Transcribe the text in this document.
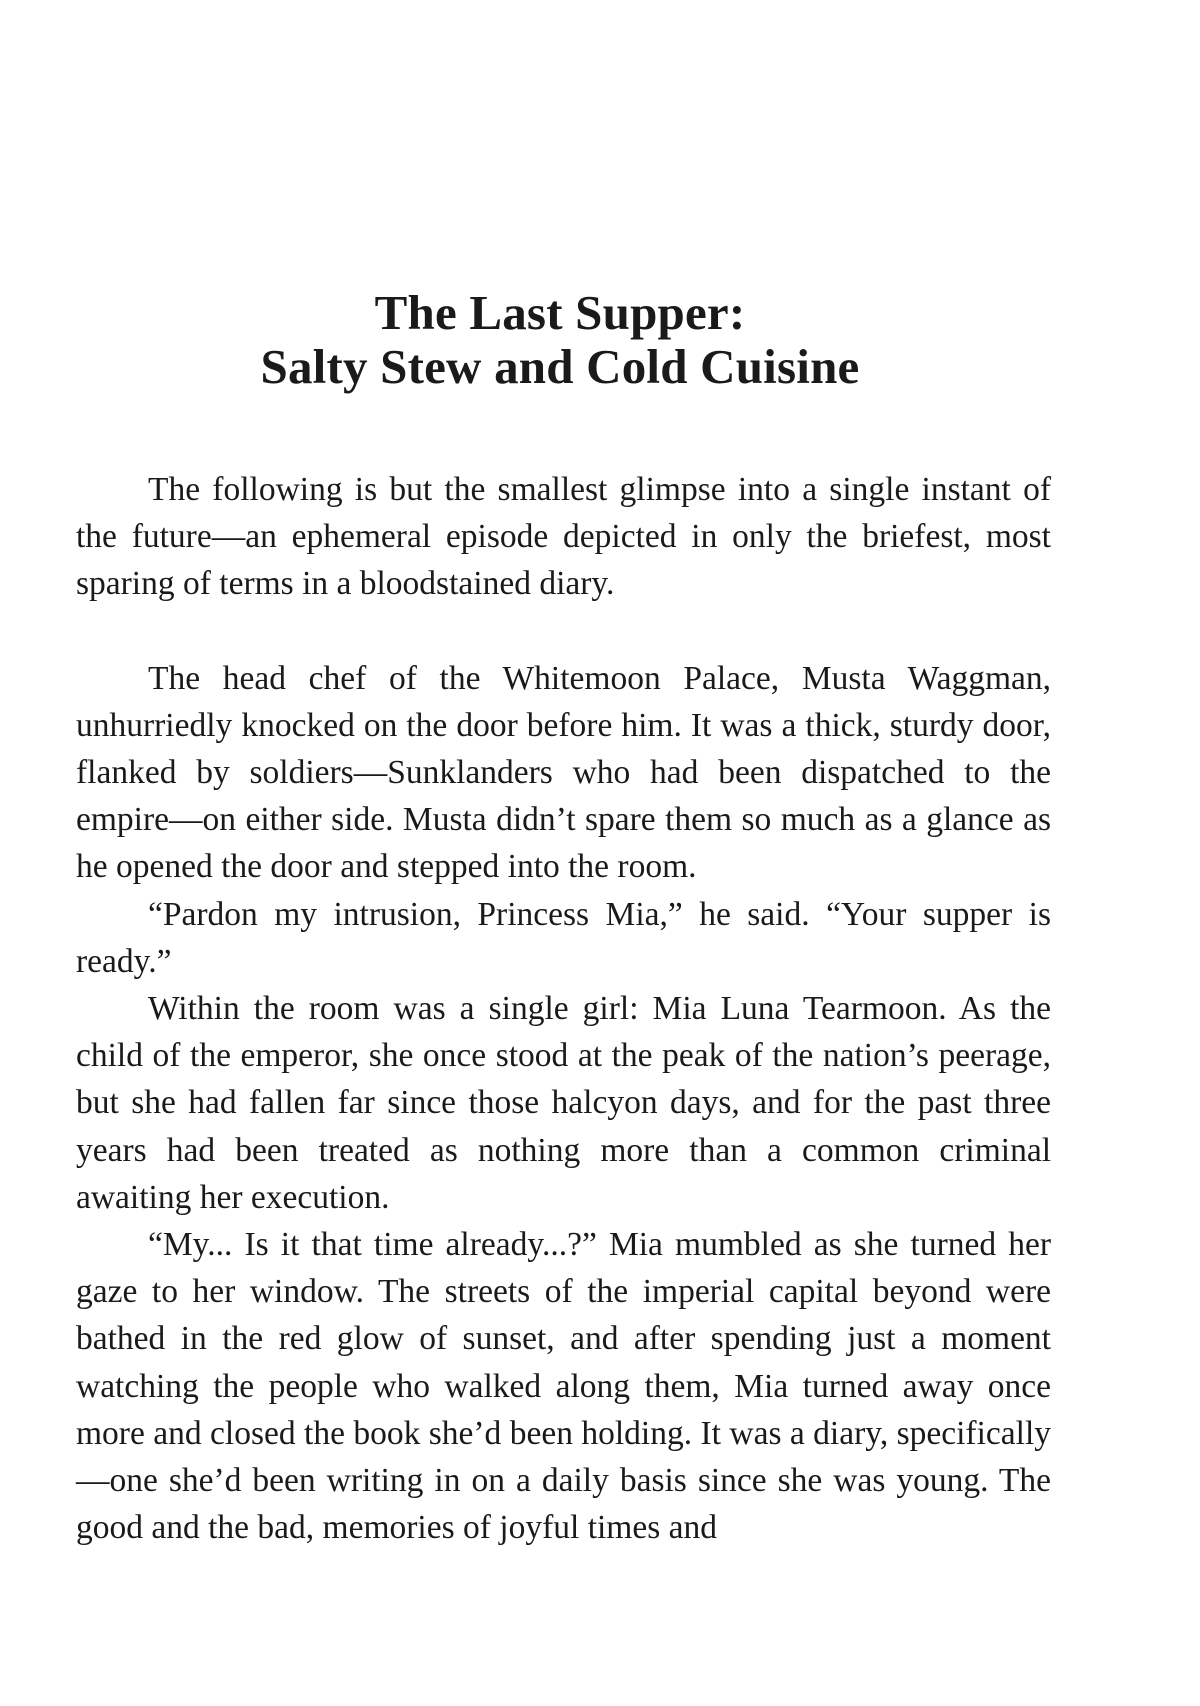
The Last Supper:
Salty Stew and Cold Cuisine

The following is but the smallest glimpse into a single instant of the future—an ephemeral episode depicted in only the briefest, most sparing of terms in a bloodstained diary.

The head chef of the Whitemoon Palace, Musta Waggman, unhurriedly knocked on the door before him. It was a thick, sturdy door, flanked by soldiers—Sunklanders who had been dispatched to the empire—on either side. Musta didn’t spare them so much as a glance as he opened the door and stepped into the room.

“Pardon my intrusion, Princess Mia,” he said. “Your supper is ready.”

Within the room was a single girl: Mia Luna Tearmoon. As the child of the emperor, she once stood at the peak of the nation’s peerage, but she had fallen far since those halcyon days, and for the past three years had been treated as nothing more than a common criminal awaiting her execution.

“My... Is it that time already...?” Mia mumbled as she turned her gaze to her window. The streets of the imperial capital beyond were bathed in the red glow of sunset, and after spending just a moment watching the people who walked along them, Mia turned away once more and closed the book she’d been holding. It was a diary, specifically—one she’d been writing in on a daily basis since she was young. The good and the bad, memories of joyful times and
